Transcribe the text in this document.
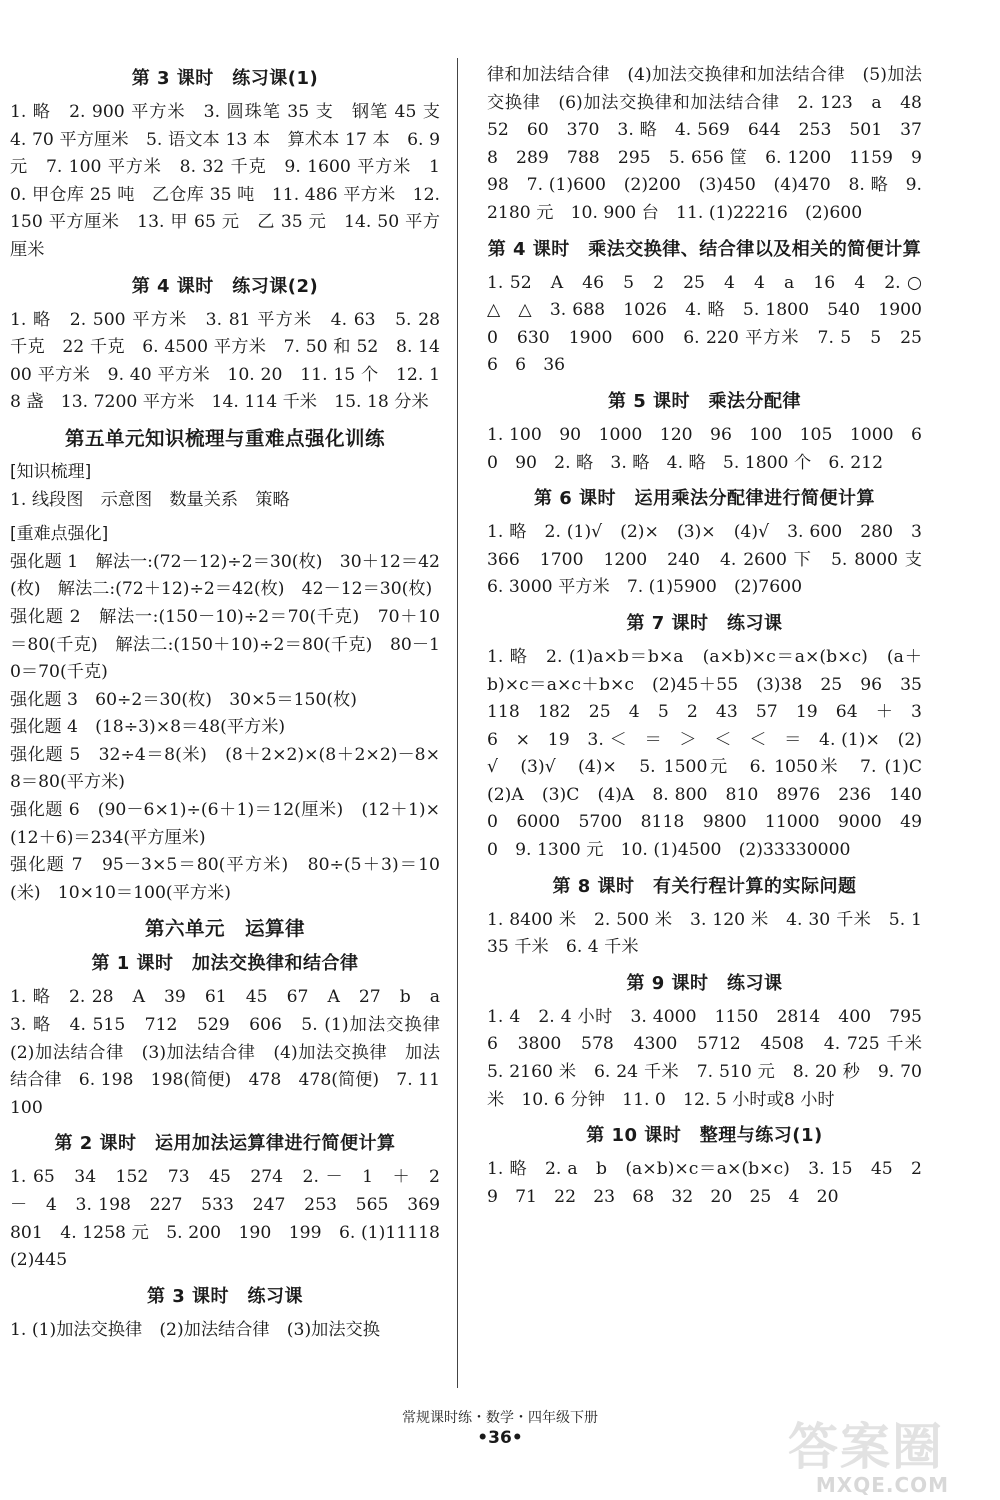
第 3 课时　练习课(1)
1. 略　2. 900 平方米　3. 圆珠笔 35 支　钢笔 45 支　4. 70 平方厘米　5. 语文本 13 本　算术本 17 本　6. 9 元　7. 100 平方米　8. 32 千克　9. 1600 平方米　10. 甲仓库 25 吨　乙仓库 35 吨　11. 486 平方米　12. 150 平方厘米　13. 甲 65 元　乙 35 元　14. 50 平方厘米
第 4 课时　练习课(2)
1. 略　2. 500 平方米　3. 81 平方米　4. 63　5. 28 千克　22 千克　6. 4500 平方米　7. 50 和 52　8. 1400 平方米　9. 40 平方米　10. 20　11. 15 个　12. 18 盏　13. 7200 平方米　14. 114 千米　15. 18 分米
第五单元知识梳理与重难点强化训练
[知识梳理]
1. 线段图　示意图　数量关系　策略
[重难点强化]
强化题 1　解法一:(72－12)÷2＝30(枚)　30＋12＝42(枚)　解法二:(72＋12)÷2＝42(枚)　42－12＝30(枚)
强化题 2　解法一:(150－10)÷2＝70(千克)　70＋10＝80(千克)　解法二:(150＋10)÷2＝80(千克)　80－10＝70(千克)
强化题 3　60÷2＝30(枚)　30×5＝150(枚)
强化题 4　(18÷3)×8＝48(平方米)
强化题 5　32÷4＝8(米)　(8＋2×2)×(8＋2×2)－8×8＝80(平方米)
强化题 6　(90－6×1)÷(6＋1)＝12(厘米)　(12＋1)×(12＋6)＝234(平方厘米)
强化题 7　95－3×5＝80(平方米)　80÷(5＋3)＝10(米)　10×10＝100(平方米)
第六单元　运算律
第 1 课时　加法交换律和结合律
1. 略　2. 28　A　39　61　45　67　A　27　b　a　3. 略　4. 515　712　529　606　5. (1)加法交换律　(2)加法结合律　(3)加法结合律　(4)加法交换律　加法结合律　6. 198　198(简便)　478　478(简便)　7. 11100
第 2 课时　运用加法运算律进行简便计算
1. 65　34　152　73　45　274　2. －　1　＋　2　－　4　3. 198　227　533　247　253　565　369　801　4. 1258 元　5. 200　190　199　6. (1)11118　(2)445
第 3 课时　练习课
1. (1)加法交换律　(2)加法结合律　(3)加法交换
律和加法结合律　(4)加法交换律和加法结合律　(5)加法交换律　(6)加法交换律和加法结合律　2. 123　a　48　52　60　370　3. 略　4. 569　644　253　501　378　289　788　295　5. 656 筐　6. 1200　1159　998　7. (1)600　(2)200　(3)450　(4)470　8. 略　9. 2180 元　10. 900 台　11. (1)22216　(2)600
第 4 课时　乘法交换律、结合律以及相关的简便计算
1. 52　A　46　5　2　25　4　4　a　16　4　2. ○　△　△　3. 688　1026　4. 略　5. 1800　540　19000　630　1900　600　6. 220 平方米　7. 5　5　25　6　6　36
第 5 课时　乘法分配律
1. 100　90　1000　120　96　100　105　1000　60　90　2. 略　3. 略　4. 略　5. 1800 个　6. 212
第 6 课时　运用乘法分配律进行简便计算
1. 略　2. (1)√　(2)×　(3)×　(4)√　3. 600　280　3366　1700　1200　240　4. 2600 下　5. 8000 支　6. 3000 平方米　7. (1)5900　(2)7600
第 7 课时　练习课
1. 略　2. (1)a×b＝b×a　(a×b)×c＝a×(b×c)　(a＋b)×c＝a×c＋b×c　(2)45＋55　(3)38　25　96　35　118　182　25　4　5　2　43　57　19　64　＋　36　×　19　3. ＜　＝　＞　＜　＜　＝　4. (1)×　(2)√　(3)√　(4)×　5. 1500元　6. 1050米　7. (1)C　(2)A　(3)C　(4)A　8. 800　810　8976　236　1400　6000　5700　8118　9800　11000　9000　490　9. 1300 元　10. (1)4500　(2)33330000
第 8 课时　有关行程计算的实际问题
1. 8400 米　2. 500 米　3. 120 米　4. 30 千米　5. 135 千米　6. 4 千米
第 9 课时　练习课
1. 4　2. 4 小时　3. 4000　1150　2814　400　7956　3800　578　4300　5712　4508　4. 725 千米　5. 2160 米　6. 24 千米　7. 510 元　8. 20 秒　9. 70 米　10. 6 分钟　11. 0　12. 5 小时或8 小时
第 10 课时　整理与练习(1)
1. 略　2. a　b　(a×b)×c＝a×(b×c)　3. 15　45　29　71　22　23　68　32　20　25　4　20
常规课时练・数学・四年级下册
•36•	答案圈
MXQE.COM
